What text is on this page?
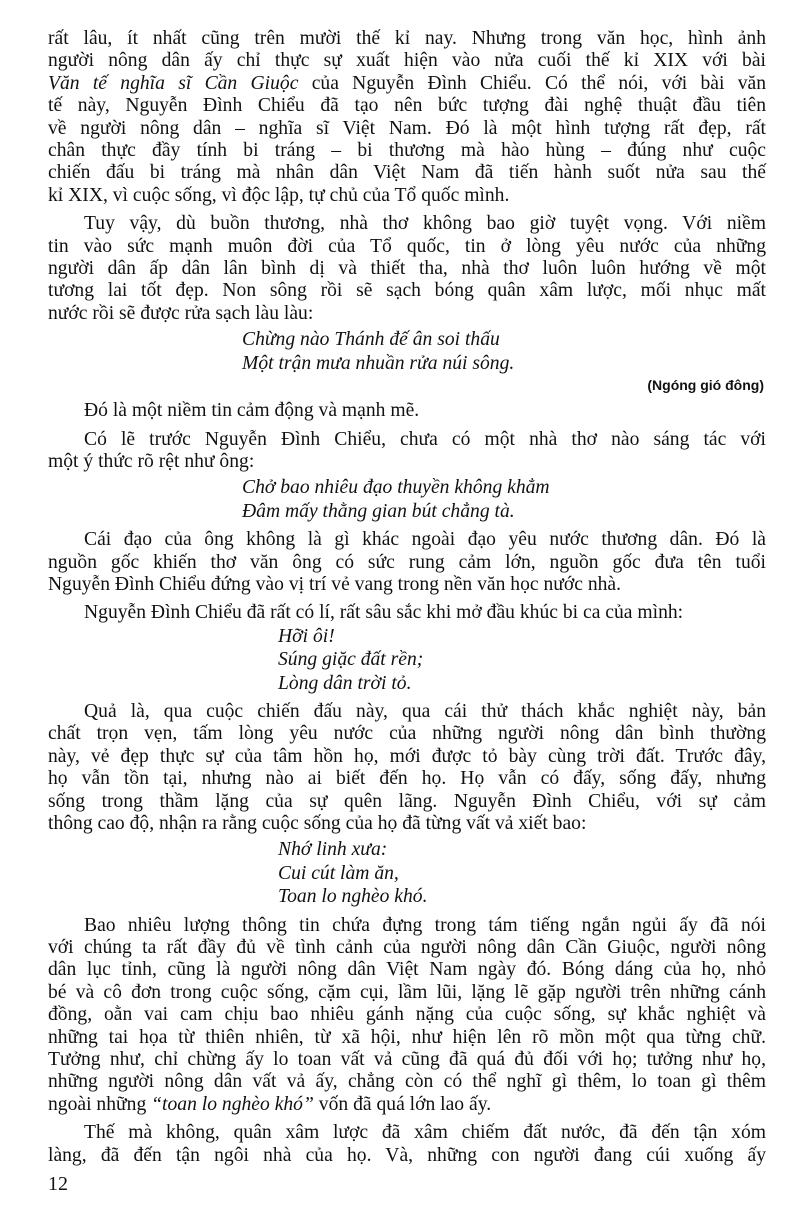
rất lâu, ít nhất cũng trên mười thế kỉ nay. Nhưng trong văn học, hình ảnh
người nông dân ấy chỉ thực sự xuất hiện vào nửa cuối thế kỉ XIX với bài
Văn tế nghĩa sĩ Cần Giuộc của Nguyễn Đình Chiểu. Có thể nói, với bài văn
tế này, Nguyễn Đình Chiểu đã tạo nên bức tượng đài nghệ thuật đầu tiên
về người nông dân – nghĩa sĩ Việt Nam. Đó là một hình tượng rất đẹp, rất
chân thực đầy tính bi tráng – bi thương mà hào hùng – đúng như cuộc
chiến đấu bi tráng mà nhân dân Việt Nam đã tiến hành suốt nửa sau thế
kỉ XIX, vì cuộc sống, vì độc lập, tự chủ của Tổ quốc mình.
Tuy vậy, dù buồn thương, nhà thơ không bao giờ tuyệt vọng. Với niềm
tin vào sức mạnh muôn đời của Tổ quốc, tin ở lòng yêu nước của những
người dân ấp dân lân bình dị và thiết tha, nhà thơ luôn luôn hướng về một
tương lai tốt đẹp. Non sông rồi sẽ sạch bóng quân xâm lược, mối nhục mất
nước rồi sẽ được rửa sạch làu làu:
Chừng nào Thánh đế ân soi thấu
Một trận mưa nhuần rửa núi sông.
(Ngóng gió đông)
Đó là một niềm tin cảm động và mạnh mẽ.
Có lẽ trước Nguyễn Đình Chiểu, chưa có một nhà thơ nào sáng tác với
một ý thức rõ rệt như ông:
Chở bao nhiêu đạo thuyền không khẳm
Đâm mấy thằng gian bút chẳng tà.
Cái đạo của ông không là gì khác ngoài đạo yêu nước thương dân. Đó là
nguồn gốc khiến thơ văn ông có sức rung cảm lớn, nguồn gốc đưa tên tuổi
Nguyễn Đình Chiểu đứng vào vị trí vẻ vang trong nền văn học nước nhà.
Nguyễn Đình Chiểu đã rất có lí, rất sâu sắc khi mở đầu khúc bi ca của mình:
Hỡi ôi!
Súng giặc đất rền;
Lòng dân trời tỏ.
Quả là, qua cuộc chiến đấu này, qua cái thử thách khắc nghiệt này, bản
chất trọn vẹn, tấm lòng yêu nước của những người nông dân bình thường
này, vẻ đẹp thực sự của tâm hồn họ, mới được tỏ bày cùng trời đất. Trước đây,
họ vẫn tồn tại, nhưng nào ai biết đến họ. Họ vẫn có đấy, sống đấy, nhưng
sống trong thầm lặng của sự quên lãng. Nguyễn Đình Chiểu, với sự cảm
thông cao độ, nhận ra rằng cuộc sống của họ đã từng vất vả xiết bao:
Nhớ linh xưa:
Cui cút làm ăn,
Toan lo nghèo khó.
Bao nhiêu lượng thông tin chứa đựng trong tám tiếng ngắn ngủi ấy đã nói
với chúng ta rất đầy đủ về tình cảnh của người nông dân Cần Giuộc, người nông
dân lục tỉnh, cũng là người nông dân Việt Nam ngày đó. Bóng dáng của họ, nhỏ
bé và cô đơn trong cuộc sống, cặm cụi, lầm lũi, lặng lẽ gặp người trên những cánh
đồng, oằn vai cam chịu bao nhiêu gánh nặng của cuộc sống, sự khắc nghiệt và
những tai họa từ thiên nhiên, từ xã hội, như hiện lên rõ mồn một qua từng chữ.
Tưởng như, chỉ chừng ấy lo toan vất vả cũng đã quá đủ đối với họ; tưởng như họ,
những người nông dân vất vả ấy, chẳng còn có thể nghĩ gì thêm, lo toan gì thêm
ngoài những “toan lo nghèo khó” vốn đã quá lớn lao ấy.
Thế mà không, quân xâm lược đã xâm chiếm đất nước, đã đến tận xóm
làng, đã đến tận ngôi nhà của họ. Và, những con người đang cúi xuống ấy
12
